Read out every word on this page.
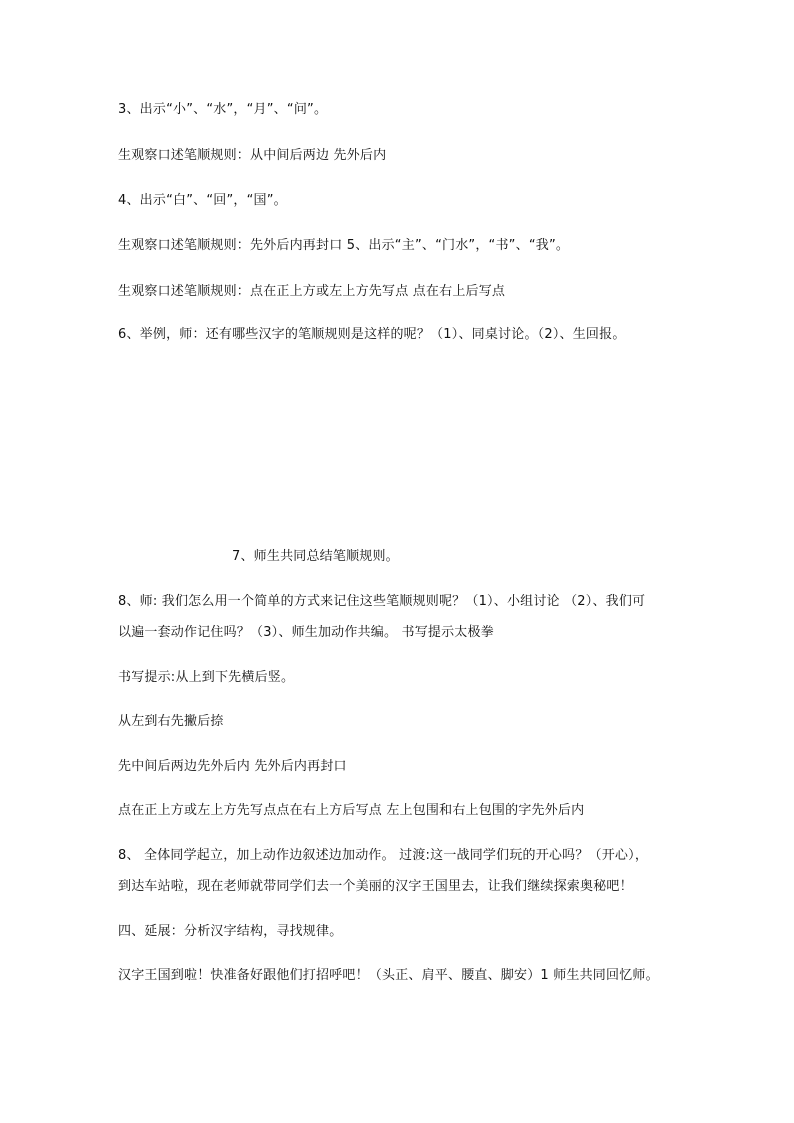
3、出示“小”、“水”，“月”、“问”。
生观察口述笔顺规则：从中间后两边 先外后内
4、出示“白”、“回”，“国”。
生观察口述笔顺规则：先外后内再封口 5、出示“主”、“门水”，“书”、“我”。
生观察口述笔顺规则：点在正上方或左上方先写点 点在右上后写点
6、举例，师：还有哪些汉字的笔顺规则是这样的呢？（1）、同桌讨论。（2）、生回报。
7、师生共同总结笔顺规则。
8、师: 我们怎么用一个简单的方式来记住这些笔顺规则呢？（1）、小组讨论 （2）、我们可
以遍一套动作记住吗？（3）、师生加动作共编。 书写提示太极拳
书写提示:从上到下先横后竖。
从左到右先撇后捺
先中间后两边先外后内 先外后内再封口
点在正上方或左上方先写点点在右上方后写点 左上包围和右上包围的字先外后内
8、 全体同学起立，加上动作边叙述边加动作。 过渡:这一战同学们玩的开心吗？（开心），
到达车站啦，现在老师就带同学们去一个美丽的汉字王国里去，让我们继续探索奥秘吧！
四、延展：分析汉字结构，寻找规律。
汉字王国到啦！快准备好跟他们打招呼吧！（头正、肩平、腰直、脚安）1 师生共同回忆师。
